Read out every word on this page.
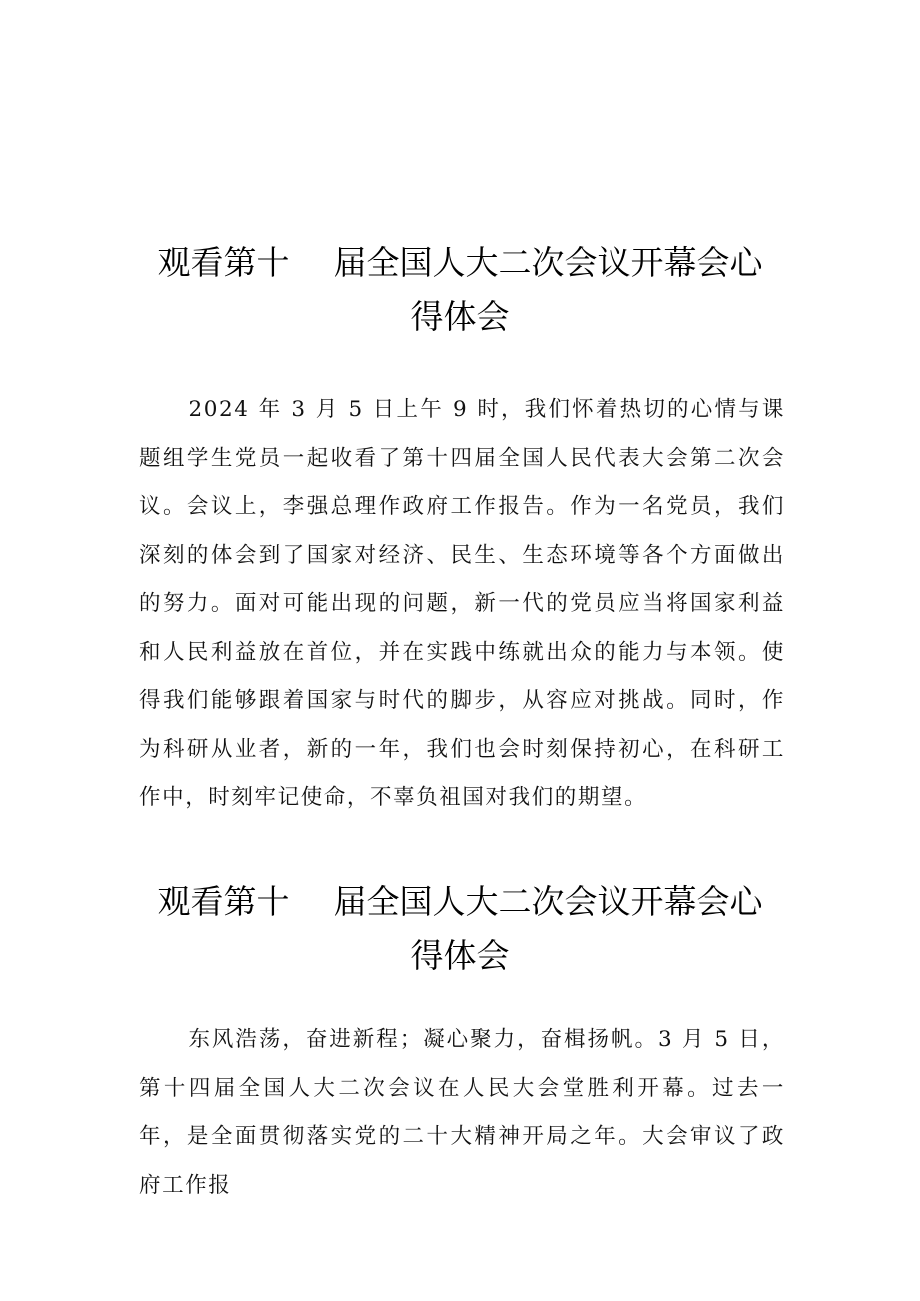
观看第十 届全国人大二次会议开幕会心
得体会

2024 年 3 月 5 日上午 9 时，我们怀着热切的心情与课题组学生党员一起收看了第十四届全国人民代表大会第二次会议。会议上，李强总理作政府工作报告。作为一名党员，我们深刻的体会到了国家对经济、民生、生态环境等各个方面做出的努力。面对可能出现的问题，新一代的党员应当将国家利益和人民利益放在首位，并在实践中练就出众的能力与本领。使得我们能够跟着国家与时代的脚步，从容应对挑战。同时，作为科研从业者，新的一年，我们也会时刻保持初心，在科研工作中，时刻牢记使命，不辜负祖国对我们的期望。

观看第十 届全国人大二次会议开幕会心
得体会

东风浩荡，奋进新程；凝心聚力，奋楫扬帆。3 月 5 日，第十四届全国人大二次会议在人民大会堂胜利开幕。过去一年，是全面贯彻落实党的二十大精神开局之年。大会审议了政府工作报
